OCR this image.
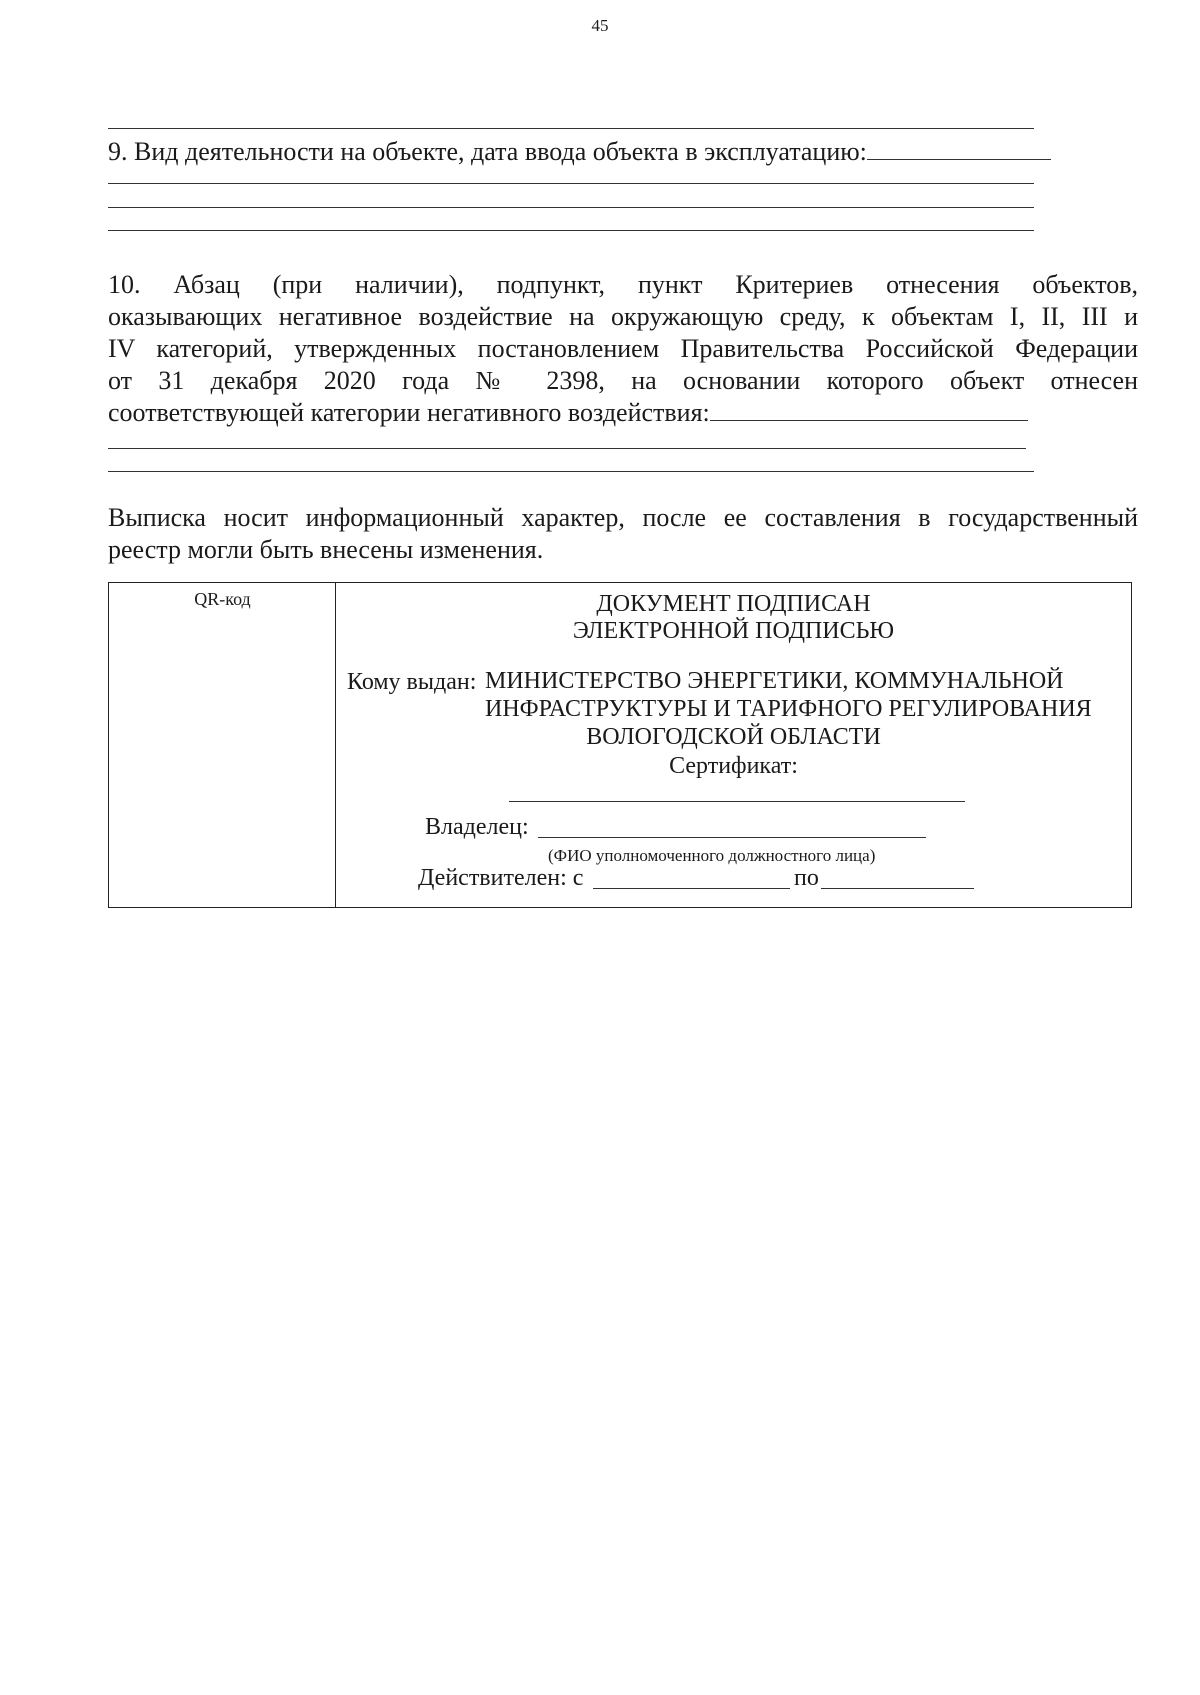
45
9. Вид деятельности на объекте, дата ввода объекта в эксплуатацию:
10. Абзац (при наличии), подпункт, пункт Критериев отнесения объектов,
оказывающих негативное воздействие на окружающую среду, к объектам I, II, III и
IV категорий, утвержденных постановлением Правительства Российской Федерации
от 31 декабря 2020 года № 2398, на основании которого объект отнесен
соответствующей категории негативного воздействия:
Выписка носит информационный характер, после ее составления в государственный
реестр могли быть внесены изменения.
QR-код	ДОКУМЕНТ ПОДПИСАН
ЭЛЕКТРОННОЙ ПОДПИСЬЮ
Кому выдан: МИНИСТЕРСТВО ЭНЕРГЕТИКИ, КОММУНАЛЬНОЙ
ИНФРАСТРУКТУРЫ И ТАРИФНОГО РЕГУЛИРОВАНИЯ
ВОЛОГОДСКОЙ ОБЛАСТИ
Сертификат:
Владелец:
(ФИО уполномоченного должностного лица)
Действителен: с	по
